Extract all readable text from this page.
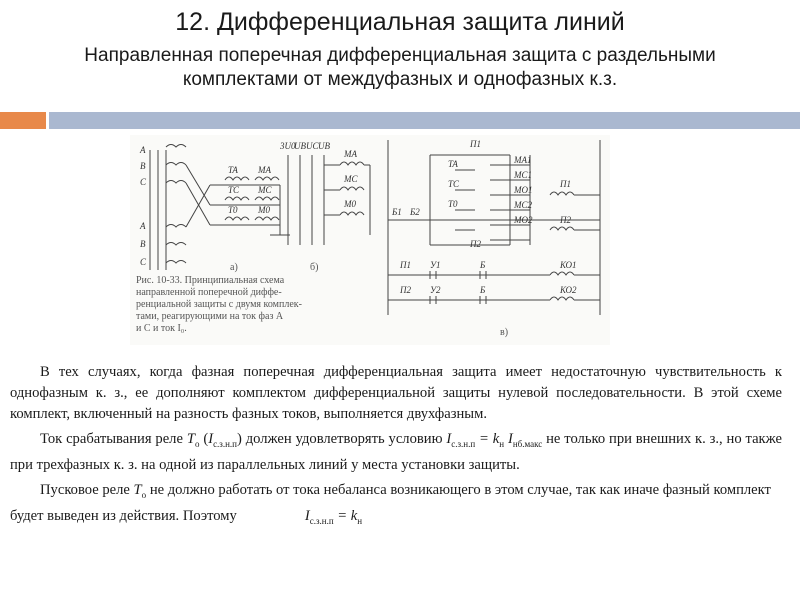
12. Дифференциальная защита линий
Направленная поперечная дифференциальная защита с раздельными
комплектами от междуфазных и однофазных к.з.
Рис. 10-33. Принципиальная схема
направленной поперечной диффе-
ренциальной защиты с двумя комплек-
тами, реагирующими на ток фаз A
и C и ток I₀.
а)	б)
в)
A
B
C
A
B
C
TA MA
TC MC
T0 M0
3U0
UB UC UB
MA
MC
M0
П1
MA1
TA
MC1
TC
MO1
T0	MC2
MO2
П2
П1
П2
Б1 Б2
У1
У2
Б
Б
КО1
КО2
П1
П2

В тех случаях, когда фазная поперечная дифференциальная защита имеет недостаточную чувствительность к однофазным к. з., ее дополняют комплектом дифференциальной защиты нулевой последовательности. В этой схеме комплект, включенный на разность фазных токов, выполняется двухфазным.

Ток срабатывания реле $T_o$ $(I_{с.з.н.п})$ должен удовлетворять условию $I_{с.з.н.п} = k_н$ $I_{нб.макс}$ не только при внешних к. з., но также при трехфазных к. з. на одной из параллельных линий у места установки защиты.

Пусковое реле $T_o$ не должно работать от тока небаланса возникающего в этом случае, так как иначе фазный комплект будет выведен из действия. Поэтому	$I_{с.з.н.п} = k_н$
